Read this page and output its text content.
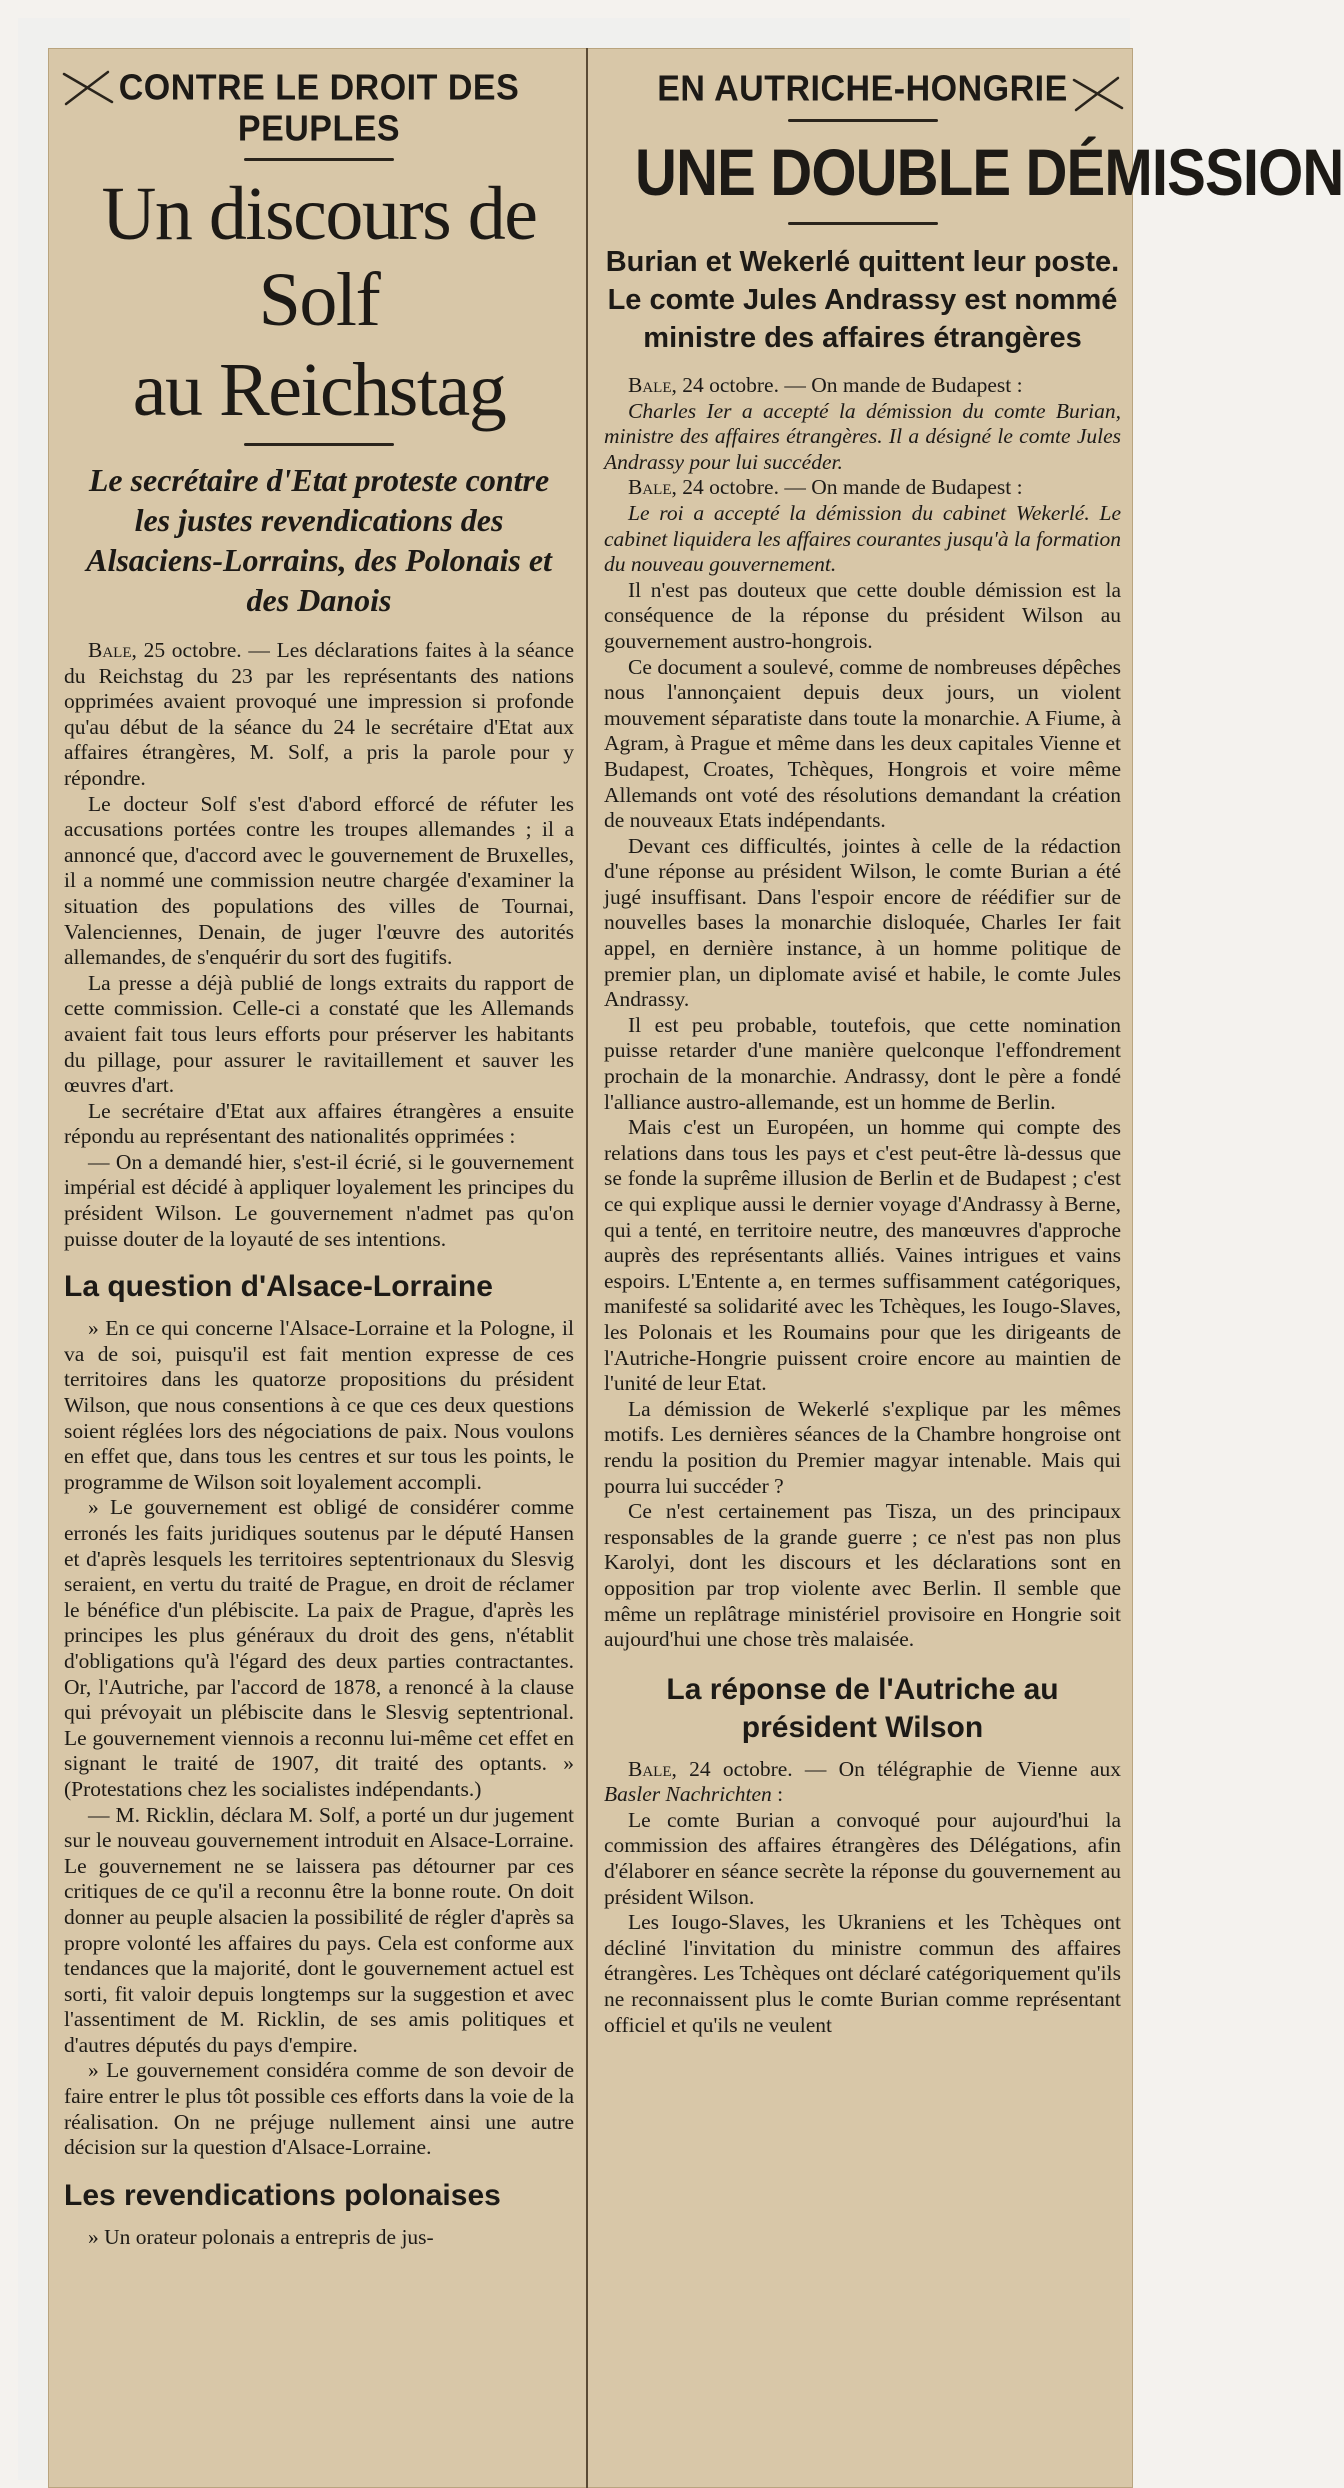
CONTRE LE DROIT DES PEUPLES
Un discours de Solf
au Reichstag
Le secrétaire d'Etat proteste contre les justes revendications des Alsaciens-Lorrains, des Polonais et des Danois

Bale, 25 octobre. — Les déclarations faites à la séance du Reichstag du 23 par les représentants des nations opprimées avaient provoqué une impression si profonde qu'au début de la séance du 24 le secrétaire d'Etat aux affaires étrangères, M. Solf, a pris la parole pour y répondre.

Le docteur Solf s'est d'abord efforcé de réfuter les accusations portées contre les troupes allemandes ; il a annoncé que, d'accord avec le gouvernement de Bruxelles, il a nommé une commission neutre chargée d'examiner la situation des populations des villes de Tournai, Valenciennes, Denain, de juger l'œuvre des autorités allemandes, de s'enquérir du sort des fugitifs.

La presse a déjà publié de longs extraits du rapport de cette commission. Celle-ci a constaté que les Allemands avaient fait tous leurs efforts pour préserver les habitants du pillage, pour assurer le ravitaillement et sauver les œuvres d'art.

Le secrétaire d'Etat aux affaires étrangères a ensuite répondu au représentant des nationalités opprimées :

— On a demandé hier, s'est-il écrié, si le gouvernement impérial est décidé à appliquer loyalement les principes du président Wilson. Le gouvernement n'admet pas qu'on puisse douter de la loyauté de ses intentions.

La question d'Alsace-Lorraine

» En ce qui concerne l'Alsace-Lorraine et la Pologne, il va de soi, puisqu'il est fait mention expresse de ces territoires dans les quatorze propositions du président Wilson, que nous consentions à ce que ces deux questions soient réglées lors des négociations de paix. Nous voulons en effet que, dans tous les centres et sur tous les points, le programme de Wilson soit loyalement accompli.

» Le gouvernement est obligé de considérer comme erronés les faits juridiques soutenus par le député Hansen et d'après lesquels les territoires septentrionaux du Slesvig seraient, en vertu du traité de Prague, en droit de réclamer le bénéfice d'un plébiscite. La paix de Prague, d'après les principes les plus généraux du droit des gens, n'établit d'obligations qu'à l'égard des deux parties contractantes. Or, l'Autriche, par l'accord de 1878, a renoncé à la clause qui prévoyait un plébiscite dans le Slesvig septentrional. Le gouvernement viennois a reconnu lui-même cet effet en signant le traité de 1907, dit traité des optants. » (Protestations chez les socialistes indépendants.)

— M. Ricklin, déclara M. Solf, a porté un dur jugement sur le nouveau gouvernement introduit en Alsace-Lorraine. Le gouvernement ne se laissera pas détourner par ces critiques de ce qu'il a reconnu être la bonne route. On doit donner au peuple alsacien la possibilité de régler d'après sa propre volonté les affaires du pays. Cela est conforme aux tendances que la majorité, dont le gouvernement actuel est sorti, fit valoir depuis longtemps sur la suggestion et avec l'assentiment de M. Ricklin, de ses amis politiques et d'autres députés du pays d'empire.

» Le gouvernement considéra comme de son devoir de faire entrer le plus tôt possible ces efforts dans la voie de la réalisation. On ne préjuge nullement ainsi une autre décision sur la question d'Alsace-Lorraine.

Les revendications polonaises

» Un orateur polonais a entrepris de jus-

EN AUTRICHE-HONGRIE
UNE DOUBLE DÉMISSION
Burian et Wekerlé quittent leur poste. Le comte Jules Andrassy est nommé ministre des affaires étrangères

Bale, 24 octobre. — On mande de Budapest :

Charles Ier a accepté la démission du comte Burian, ministre des affaires étrangères. Il a désigné le comte Jules Andrassy pour lui succéder.

Bale, 24 octobre. — On mande de Budapest :

Le roi a accepté la démission du cabinet Wekerlé. Le cabinet liquidera les affaires courantes jusqu'à la formation du nouveau gouvernement.

Il n'est pas douteux que cette double démission est la conséquence de la réponse du président Wilson au gouvernement austro-hongrois.

Ce document a soulevé, comme de nombreuses dépêches nous l'annonçaient depuis deux jours, un violent mouvement séparatiste dans toute la monarchie. A Fiume, à Agram, à Prague et même dans les deux capitales Vienne et Budapest, Croates, Tchèques, Hongrois et voire même Allemands ont voté des résolutions demandant la création de nouveaux Etats indépendants.

Devant ces difficultés, jointes à celle de la rédaction d'une réponse au président Wilson, le comte Burian a été jugé insuffisant. Dans l'espoir encore de réédifier sur de nouvelles bases la monarchie disloquée, Charles Ier fait appel, en dernière instance, à un homme politique de premier plan, un diplomate avisé et habile, le comte Jules Andrassy.

Il est peu probable, toutefois, que cette nomination puisse retarder d'une manière quelconque l'effondrement prochain de la monarchie. Andrassy, dont le père a fondé l'alliance austro-allemande, est un homme de Berlin.

Mais c'est un Européen, un homme qui compte des relations dans tous les pays et c'est peut-être là-dessus que se fonde la suprême illusion de Berlin et de Budapest ; c'est ce qui explique aussi le dernier voyage d'Andrassy à Berne, qui a tenté, en territoire neutre, des manœuvres d'approche auprès des représentants alliés. Vaines intrigues et vains espoirs. L'Entente a, en termes suffisamment catégoriques, manifesté sa solidarité avec les Tchèques, les Iougo-Slaves, les Polonais et les Roumains pour que les dirigeants de l'Autriche-Hongrie puissent croire encore au maintien de l'unité de leur Etat.

La démission de Wekerlé s'explique par les mêmes motifs. Les dernières séances de la Chambre hongroise ont rendu la position du Premier magyar intenable. Mais qui pourra lui succéder ?

Ce n'est certainement pas Tisza, un des principaux responsables de la grande guerre ; ce n'est pas non plus Karolyi, dont les discours et les déclarations sont en opposition par trop violente avec Berlin. Il semble que même un replâtrage ministériel provisoire en Hongrie soit aujourd'hui une chose très malaisée.

La réponse de l'Autriche au président Wilson

Bale, 24 octobre. — On télégraphie de Vienne aux Basler Nachrichten :

Le comte Burian a convoqué pour aujourd'hui la commission des affaires étrangères des Délégations, afin d'élaborer en séance secrète la réponse du gouvernement au président Wilson.

Les Iougo-Slaves, les Ukraniens et les Tchèques ont décliné l'invitation du ministre commun des affaires étrangères. Les Tchèques ont déclaré catégoriquement qu'ils ne reconnaissent plus le comte Burian comme représentant officiel et qu'ils ne veulent
